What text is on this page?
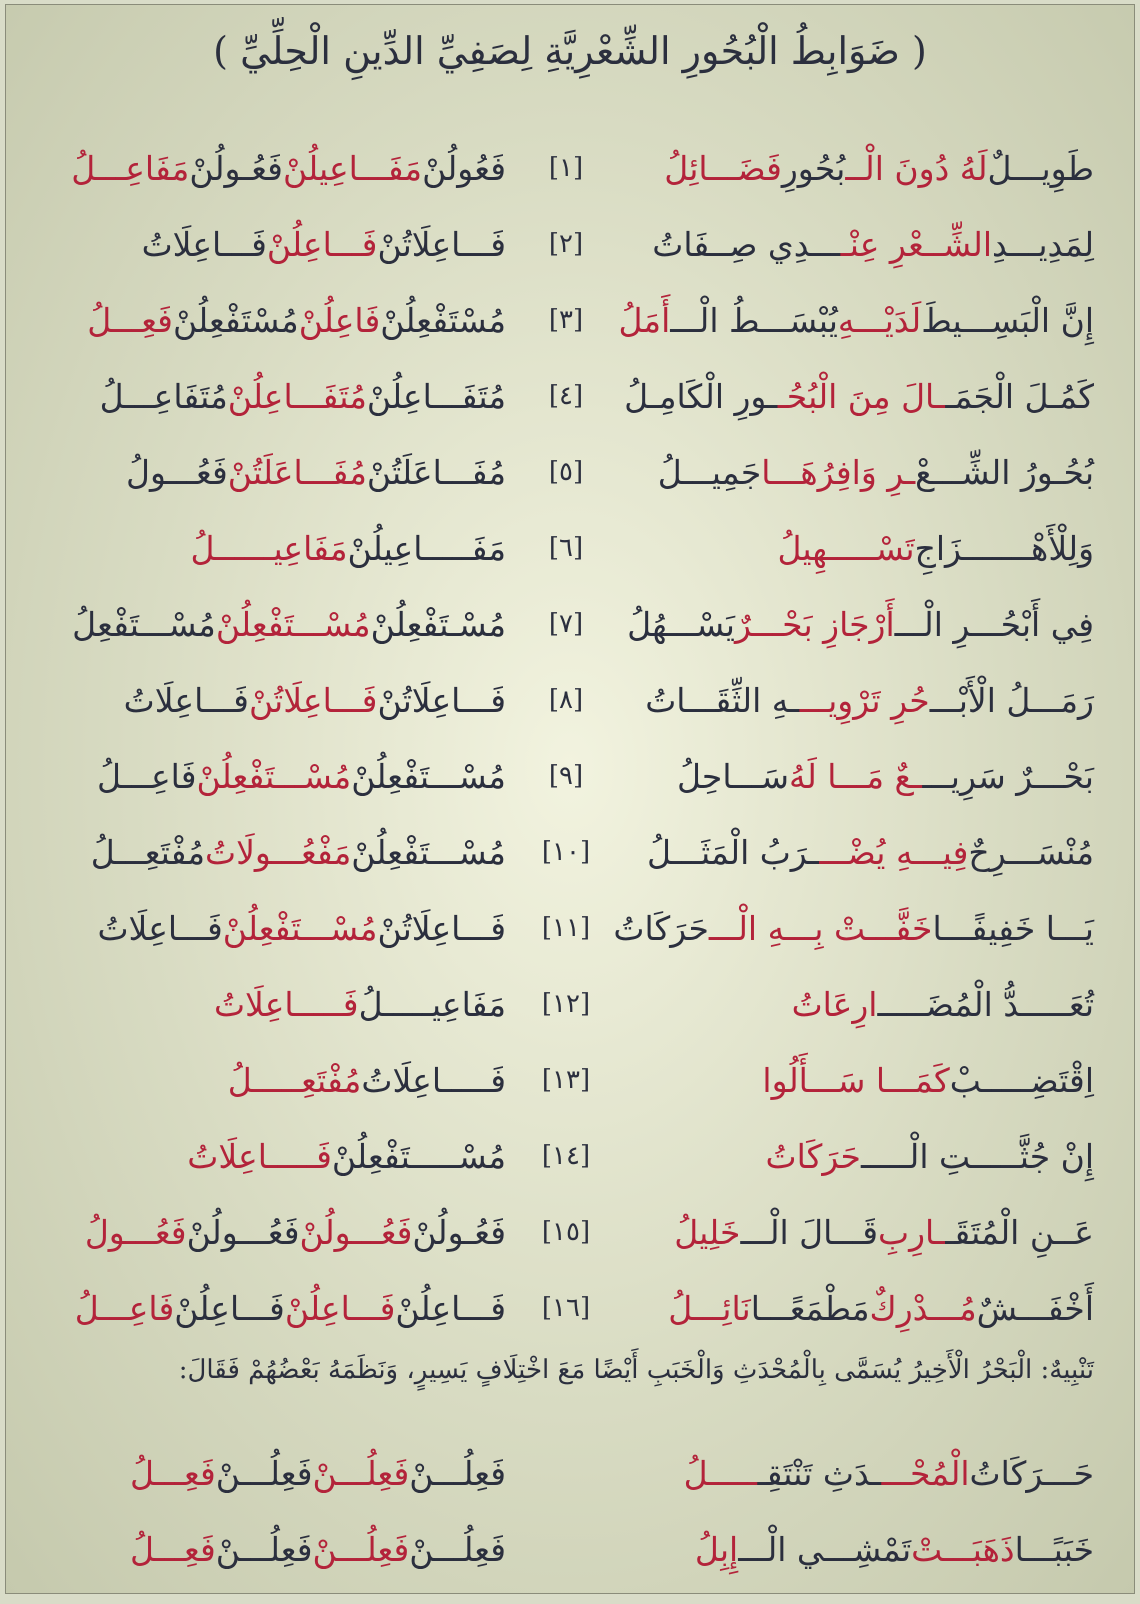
( ضَوَابِطُ الْبُحُورِ الشِّعْرِيَّةِ لِصَفِيِّ الدِّينِ الْحِلِّيِّ )
طَوِيـــلٌ
لَهُ دُونَ الْــ
بُحُورِ
فَضَـــائِلُ
[١]
فَعُولُنْ
مَفَـــاعِيلُنْ
فَعُـولُنْ
مَفَاعِـــلُ
لِمَدِيـــدِ
الشِّــعْرِ عِنْـ
ـــدِي صِــفَاتُ
[٢]
فَـــاعِلَاتُنْ
فَـــاعِلُنْ
فَـــاعِلَاتُ
إِنَّ الْبَسِـــيطَ
لَدَيْـــهِ
يُبْسَـــطُ الْـــ
أَمَلُ
[٣]
مُسْتَفْعِلُنْ
فَاعِلُنْ
مُسْتَفْعِلُنْ
فَعِـــلُ
كَمُـلَ الْجَمَـ
ـالَ مِنَ الْبُحُـ
ـورِ الْكَامِـلُ
[٤]
مُتَفَـــاعِلُنْ
مُتَفَـــاعِلُنْ
مُتَفَاعِـــلُ
بُحُـورُ الشِّـــعْ
ـرِ وَافِرُهَـــا
جَمِيـــلُ
[٥]
مُفَـــاعَلَتُنْ
مُفَـــاعَلَتُنْ
فَعُـــولُ
وَلِلْأَهْـــــــزَاجِ
تَسْـــــهِيلُ
[٦]
مَفَـــــاعِيلُنْ
مَفَاعِيــــــلُ
فِي أَبْحُـــرِ الْـــ
أَرْجَازِ بَحْـــرٌ
يَسْـــهُلُ
[٧]
مُسْـتَفْعِلُنْ
مُسْـــتَفْعِلُنْ
مُسْـــتَفْعِلُ
رَمَـــلُ الْأَبْـــ
حُرِ تَرْوِيـــ
ـهِ الثِّقَـــاتُ
[٨]
فَـــاعِلَاتُنْ
فَـــاعِلَاتُنْ
فَـــاعِلَاتُ
بَحْـــرٌ سَرِيـــ
ـعٌ مَـــا لَهُ
سَـــاحِلُ
[٩]
مُسْـــتَفْعِلُنْ
مُسْـــتَفْعِلُنْ
فَاعِـــلُ
مُنْسَـــرِحٌ
فِيـــهِ يُضْـــ
ـرَبُ الْمَثَـــلُ
[١٠]
مُسْـــتَفْعِلُنْ
مَفْعُـــولَاتُ
مُفْتَعِـــلُ
يَـــا خَفِيفًـــا
خَفَّـــتْ بِـــهِ الْـــ
حَرَكَاتُ
[١١]
فَـــاعِلَاتُنْ
مُسْـــتَفْعِلُنْ
فَـــاعِلَاتُ
تُعَـــــدُّ الْمُضَـــــ
ارِعَاتُ
[١٢]
مَفَاعِيـــــلُ
فَـــــاعِلَاتُ
اِقْتَضِـــــبْ
كَمَـــا سَـــأَلُوا
[١٣]
فَـــــاعِلَاتُ
مُفْتَعِـــــلُ
إِنْ جُثَّـــــتِ الْـــــ
حَرَكَاتُ
[١٤]
مُسْـــــتَفْعِلُنْ
فَـــــاعِلَاتُ
عَــنِ الْمُتَقَـ
ـارِبِ
قَـــالَ الْـــ
خَلِيلُ
[١٥]
فَعُـولُنْ
فَعُـــولُنْ
فَعُـــولُنْ
فَعُـــولُ
أَخْفَـــشٌ
مُـــدْرِكٌ
مَطْمَعًـــا
نَائِـــلُ
[١٦]
فَـــاعِلُنْ
فَـــاعِلُنْ
فَـــاعِلُنْ
فَاعِـــلُ
تَنْبِيهٌ: الْبَحْرُ الْأَخِيرُ يُسَمَّى بِالْمُحْدَثِ وَالْخَبَبِ أَيْضًا مَعَ اخْتِلَافٍ يَسِيرٍ، وَنَظَمَهُ بَعْضُهُمْ فَقَالَ:
حَـــرَكَاتُ
الْمُحْـــ
ـدَثِ تَنْتَقِـ
ـــــلُ
فَعِلُـــنْ
فَعِلُـــنْ
فَعِلُـــنْ
فَعِـــلُ
خَبَبًـــا
ذَهَبَـــتْ
تَمْشِـــي الْـــ
إِبِلُ
فَعِلُـــنْ
فَعِلُـــنْ
فَعِلُـــنْ
فَعِـــلُ
